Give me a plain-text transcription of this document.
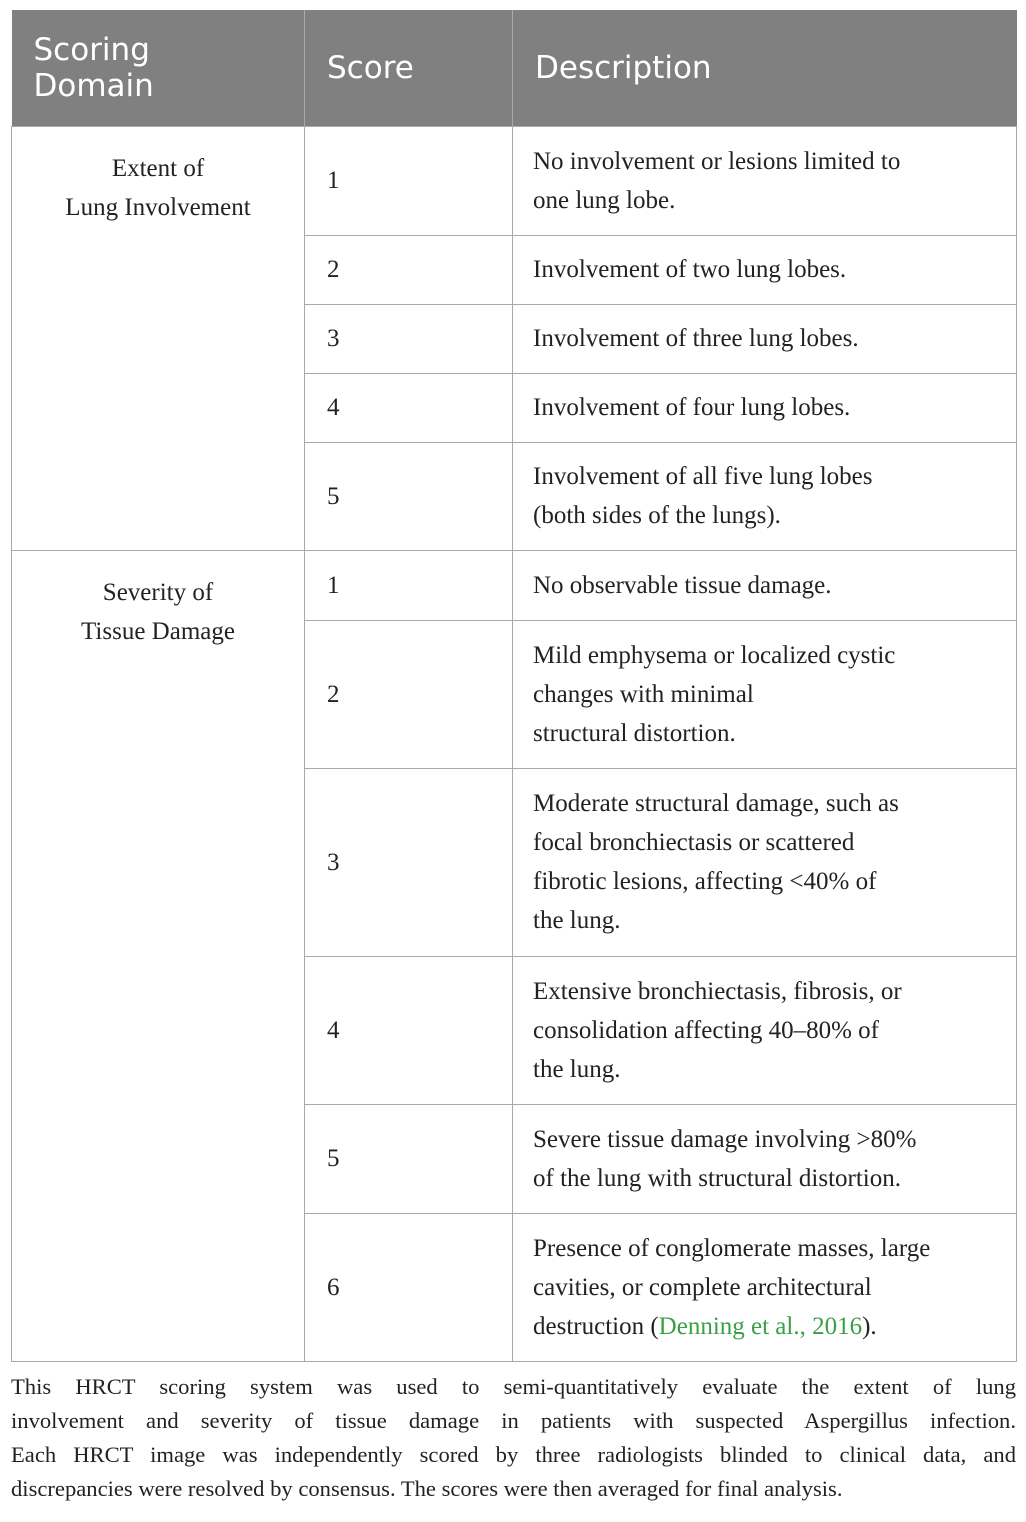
Scoring
Domain	Score	Description
Extent of
Lung Involvement	1	No involvement or lesions limited to
one lung lobe.
	2	Involvement of two lung lobes.
	3	Involvement of three lung lobes.
	4	Involvement of four lung lobes.
	5	Involvement of all five lung lobes
(both sides of the lungs).
Severity of
Tissue Damage	1	No observable tissue damage.
	2	Mild emphysema or localized cystic
changes with minimal
structural distortion.
	3	Moderate structural damage, such as
focal bronchiectasis or scattered
fibrotic lesions, affecting <40% of
the lung.
	4	Extensive bronchiectasis, fibrosis, or
consolidation affecting 40–80% of
the lung.
	5	Severe tissue damage involving >80%
of the lung with structural distortion.
	6	Presence of conglomerate masses, large
cavities, or complete architectural
destruction (Denning et al., 2016).
This HRCT scoring system was used to semi-quantitatively evaluate the extent of lung
involvement and severity of tissue damage in patients with suspected Aspergillus infection.
Each HRCT image was independently scored by three radiologists blinded to clinical data, and
discrepancies were resolved by consensus. The scores were then averaged for final analysis.
